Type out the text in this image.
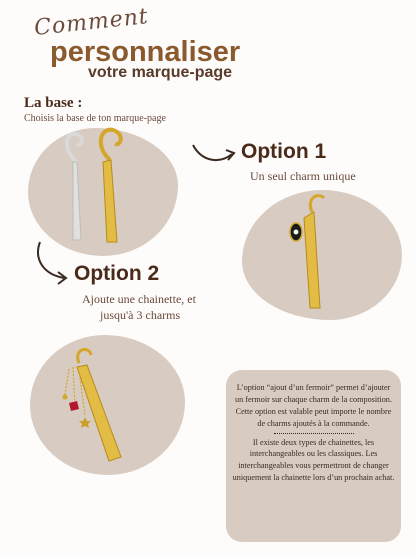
Comment
personnaliser
votre marque-page
La base :
Choisis la base de ton marque-page
Option 1
Un seul charm unique
Option 2
Ajoute une chainette, et
jusqu'à 3 charms
L’option “ajout d’un fermoir” permet d’ajouter un fermoir sur chaque charm de la composition. Cette option est valable peut importe le nombre de charms ajoutés à la commande.
Il existe deux types de chainettes, les interchangeables ou les classiques. Les interchangeables vous permettront de changer uniquement la chainette lors d’un prochain achat.
